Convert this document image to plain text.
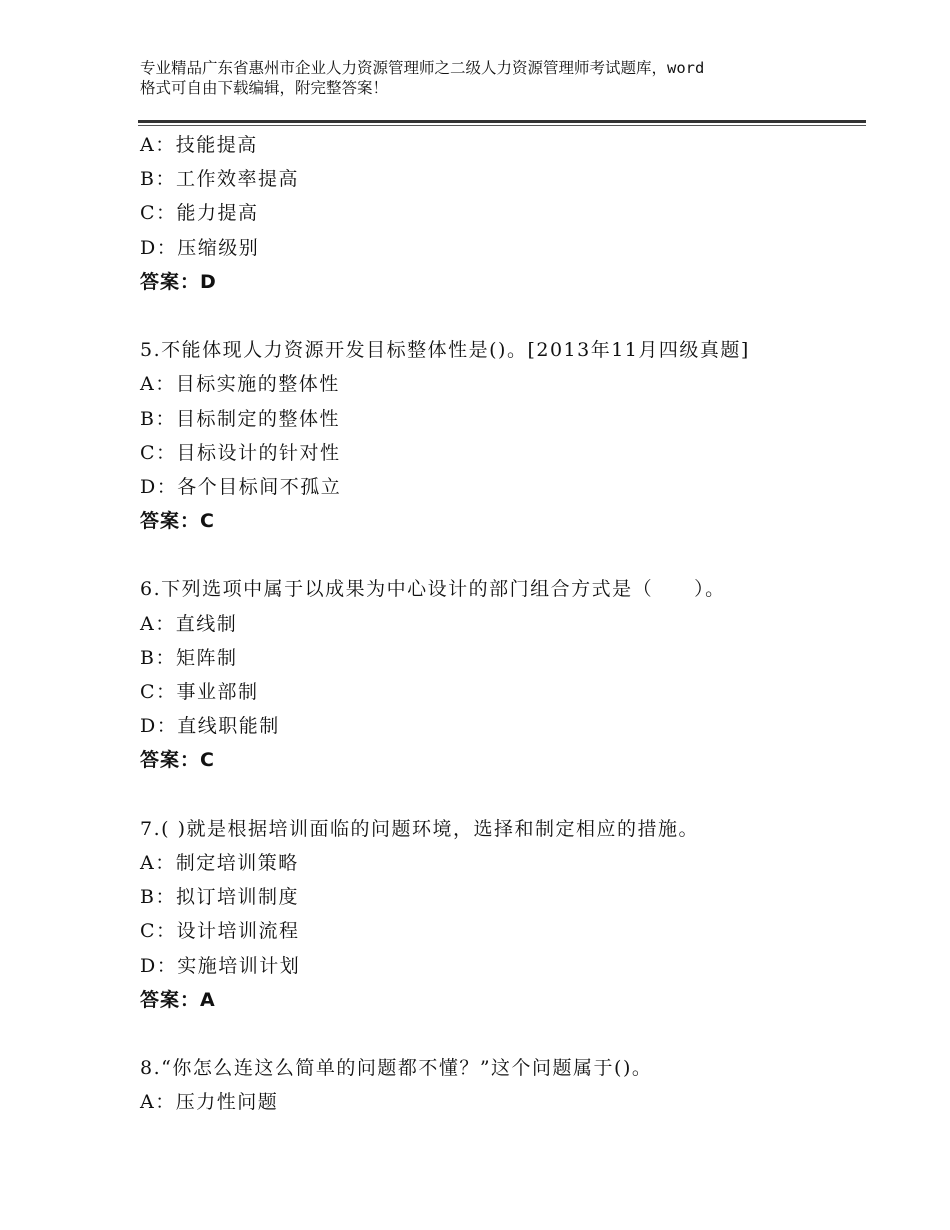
专业精品广东省惠州市企业人力资源管理师之二级人力资源管理师考试题库，word
格式可自由下载编辑，附完整答案！
A：技能提高
B：工作效率提高
C：能力提高
D：压缩级别
答案：D
5.不能体现人力资源开发目标整体性是()。[2013年11月四级真题]
A：目标实施的整体性
B：目标制定的整体性
C：目标设计的针对性
D：各个目标间不孤立
答案：C
6.下列选项中属于以成果为中心设计的部门组合方式是（　　）。
A：直线制
B：矩阵制
C：事业部制
D：直线职能制
答案：C
7.( )就是根据培训面临的问题环境，选择和制定相应的措施。
A：制定培训策略
B：拟订培训制度
C：设计培训流程
D：实施培训计划
答案：A
8.“你怎么连这么简单的问题都不懂？”这个问题属于()。
A：压力性问题
